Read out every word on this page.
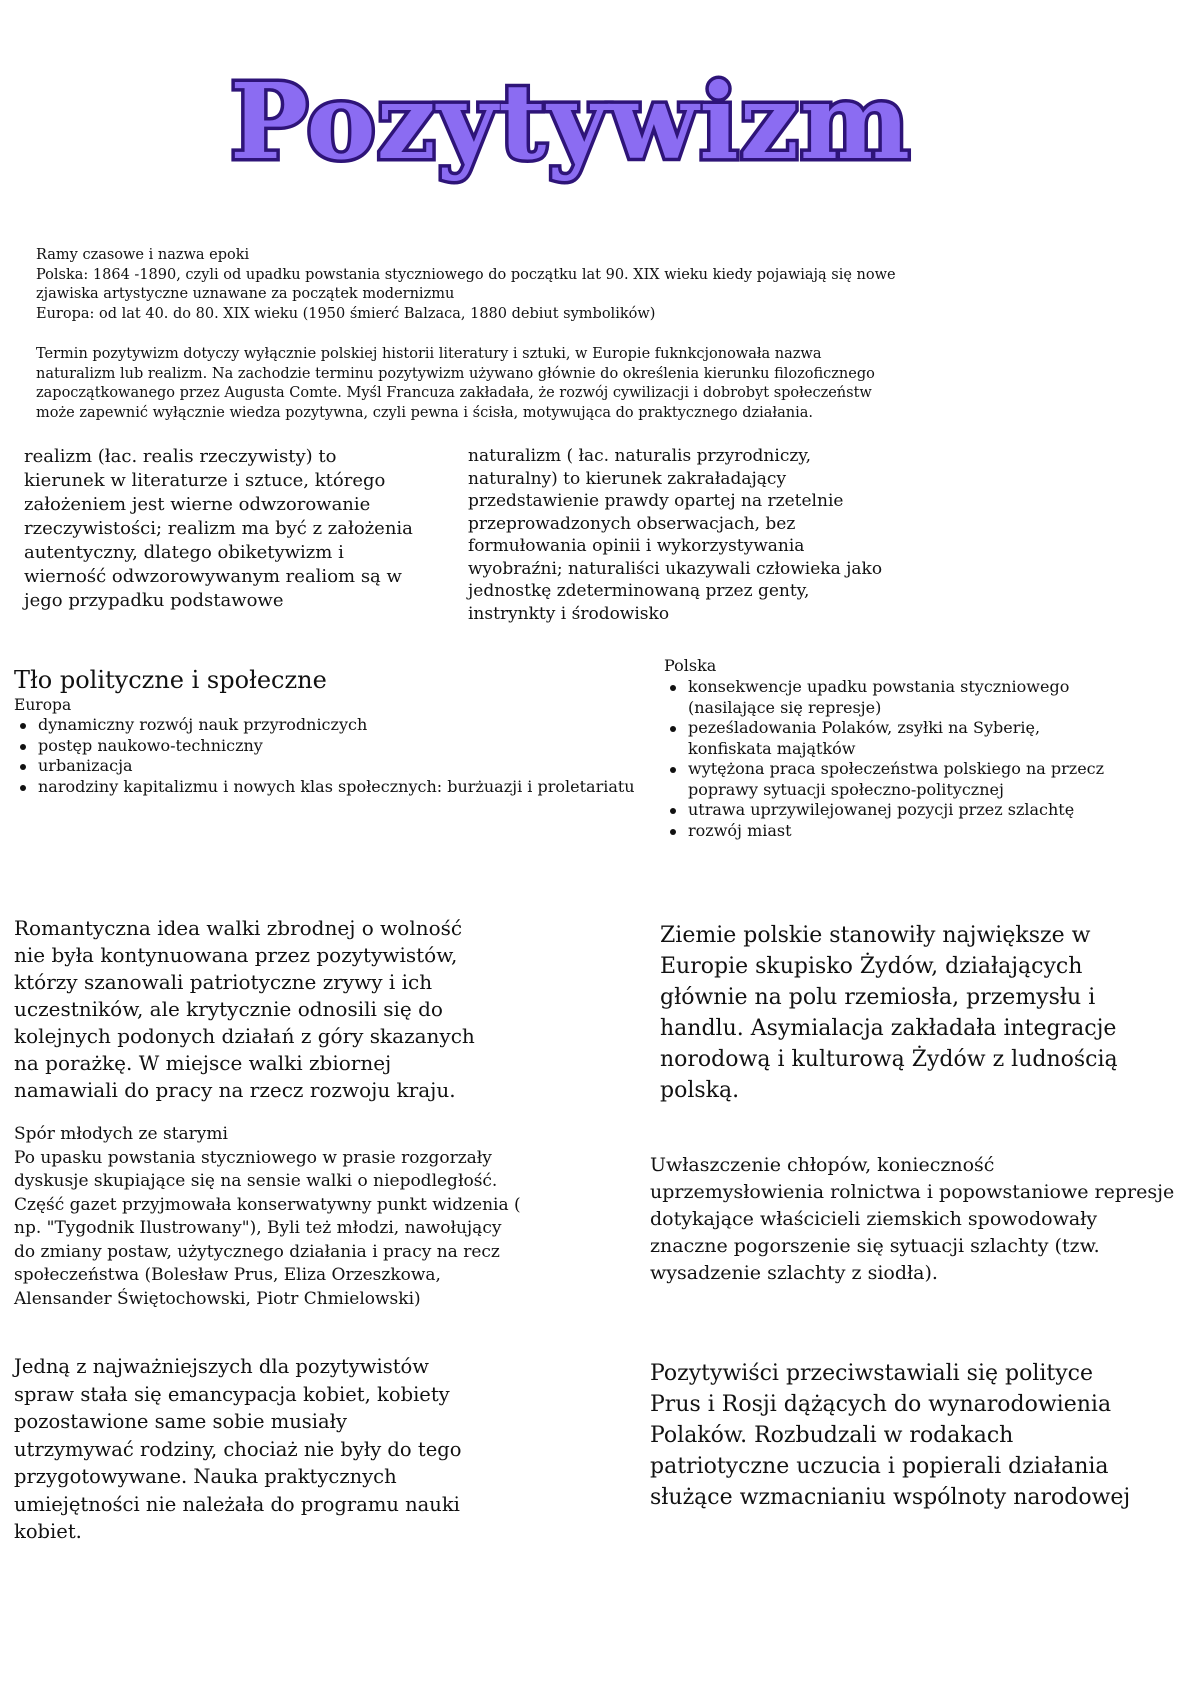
Pozytywizm
Ramy czasowe i nazwa epoki
Polska: 1864 -1890, czyli od upadku powstania styczniowego do początku lat 90. XIX wieku kiedy pojawiają się nowe
zjawiska artystyczne uznawane za początek modernizmu
Europa: od lat 40. do 80. XIX wieku (1950 śmierć Balzaca, 1880 debiut symbolików)
Termin pozytywizm dotyczy wyłącznie polskiej historii literatury i sztuki, w Europie fuknkcjonowała nazwa
naturalizm lub realizm. Na zachodzie terminu pozytywizm używano głównie do określenia kierunku filozoficznego
zapoczątkowanego przez Augusta Comte. Myśl Francuza zakładała, że rozwój cywilizacji i dobrobyt społeczeństw
może zapewnić wyłącznie wiedza pozytywna, czyli pewna i ścisła, motywująca do praktycznego działania.
realizm (łac. realis rzeczywisty) to
kierunek w literaturze i sztuce, którego
założeniem jest wierne odwzorowanie
rzeczywistości; realizm ma być z założenia
autentyczny, dlatego obiketywizm i
wierność odwzorowywanym realiom są w
jego przypadku podstawowe
naturalizm ( łac. naturalis przyrodniczy,
naturalny) to kierunek zakraładający
przedstawienie prawdy opartej na rzetelnie
przeprowadzonych obserwacjach, bez
formułowania opinii i wykorzystywania
wyobraźni; naturaliści ukazywali człowieka jako
jednostkę zdeterminowaną przez genty,
instrynkty i środowisko
Tło polityczne i społeczne
Europa
dynamiczny rozwój nauk przyrodniczych
postęp naukowo-techniczny
urbanizacja
narodziny kapitalizmu i nowych klas społecznych: burżuazji i proletariatu
Polska
konsekwencje upadku powstania styczniowego
(nasilające się represje)
peześladowania Polaków, zsyłki na Syberię,
konfiskata majątków
wytężona praca społeczeństwa polskiego na przecz
poprawy sytuacji społeczno-politycznej
utrawa uprzywilejowanej pozycji przez szlachtę
rozwój miast
Romantyczna idea walki zbrodnej o wolność
nie była kontynuowana przez pozytywistów,
którzy szanowali patriotyczne zrywy i ich
uczestników, ale krytycznie odnosili się do
kolejnych podonych działań z góry skazanych
na porażkę. W miejsce walki zbiornej
namawiali do pracy na rzecz rozwoju kraju.
Ziemie polskie stanowiły największe w
Europie skupisko Żydów, działających
głównie na polu rzemiosła, przemysłu i
handlu. Asymialacja zakładała integracje
norodową i kulturową Żydów z ludnością
polską.
Spór młodych ze starymi
Po upasku powstania styczniowego w prasie rozgorzały
dyskusje skupiające się na sensie walki o niepodległość.
Część gazet przyjmowała konserwatywny punkt widzenia (
np. "Tygodnik Ilustrowany"), Byli też młodzi, nawołujący
do zmiany postaw, użytycznego działania i pracy na recz
społeczeństwa (Bolesław Prus, Eliza Orzeszkowa,
Alensander Świętochowski, Piotr Chmielowski)
Uwłaszczenie chłopów, konieczność
uprzemysłowienia rolnictwa i popowstaniowe represje
dotykające właścicieli ziemskich spowodowały
znaczne pogorszenie się sytuacji szlachty (tzw.
wysadzenie szlachty z siodła).
Jedną z najważniejszych dla pozytywistów
spraw stała się emancypacja kobiet, kobiety
pozostawione same sobie musiały
utrzymywać rodziny, chociaż nie były do tego
przygotowywane. Nauka praktycznych
umiejętności nie należała do programu nauki
kobiet.
Pozytywiści przeciwstawiali się polityce
Prus i Rosji dążących do wynarodowienia
Polaków. Rozbudzali w rodakach
patriotyczne uczucia i popierali działania
służące wzmacnianiu wspólnoty narodowej
